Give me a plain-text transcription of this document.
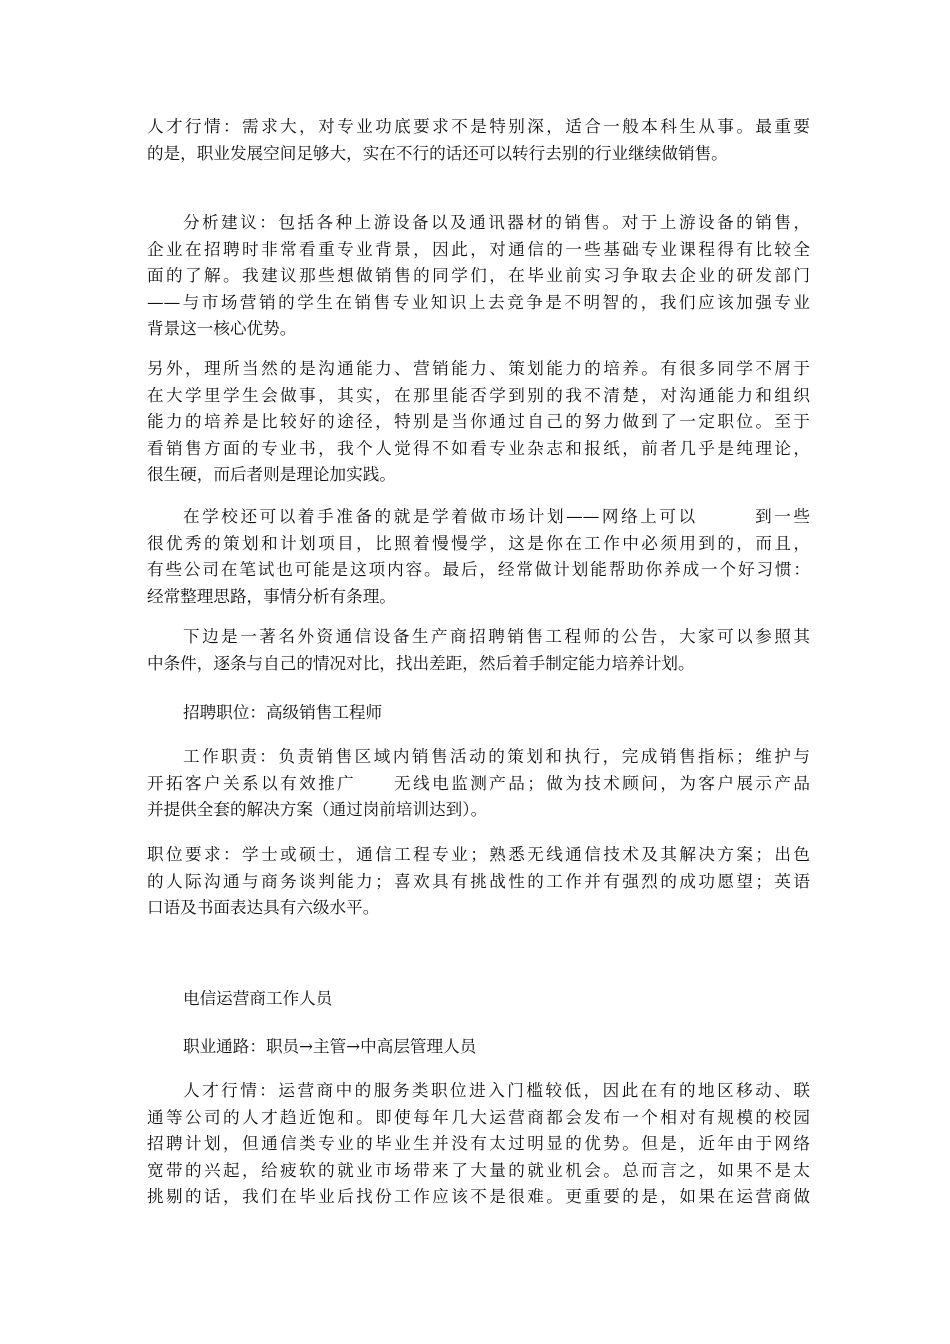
人才行情：需求大，对专业功底要求不是特别深，适合一般本科生从事。最重要
的是，职业发展空间足够大，实在不行的话还可以转行去别的行业继续做销售。

分析建议：包括各种上游设备以及通讯器材的销售。对于上游设备的销售，
企业在招聘时非常看重专业背景，因此，对通信的一些基础专业课程得有比较全
面的了解。我建议那些想做销售的同学们，在毕业前实习争取去企业的研发部门
——与市场营销的学生在销售专业知识上去竞争是不明智的，我们应该加强专业
背景这一核心优势。

另外，理所当然的是沟通能力、营销能力、策划能力的培养。有很多同学不屑于
在大学里学生会做事，其实，在那里能否学到别的我不清楚，对沟通能力和组织
能力的培养是比较好的途径，特别是当你通过自己的努力做到了一定职位。至于
看销售方面的专业书，我个人觉得不如看专业杂志和报纸，前者几乎是纯理论，
很生硬，而后者则是理论加实践。

在学校还可以着手准备的就是学着做市场计划——网络上可以　　　到一些
很优秀的策划和计划项目，比照着慢慢学，这是你在工作中必须用到的，而且，
有些公司在笔试也可能是这项内容。最后，经常做计划能帮助你养成一个好习惯：
经常整理思路，事情分析有条理。

下边是一著名外资通信设备生产商招聘销售工程师的公告，大家可以参照其
中条件，逐条与自己的情况对比，找出差距，然后着手制定能力培养计划。

招聘职位：高级销售工程师

工作职责：负责销售区域内销售活动的策划和执行，完成销售指标；维护与
开拓客户关系以有效推广　　无线电监测产品；做为技术顾问，为客户展示产品
并提供全套的解决方案（通过岗前培训达到）。

职位要求：学士或硕士，通信工程专业；熟悉无线通信技术及其解决方案；出色
的人际沟通与商务谈判能力；喜欢具有挑战性的工作并有强烈的成功愿望；英语
口语及书面表达具有六级水平。

电信运营商工作人员

职业通路：职员→主管→中高层管理人员

人才行情：运营商中的服务类职位进入门槛较低，因此在有的地区移动、联
通等公司的人才趋近饱和。即使每年几大运营商都会发布一个相对有规模的校园
招聘计划，但通信类专业的毕业生并没有太过明显的优势。但是，近年由于网络
宽带的兴起，给疲软的就业市场带来了大量的就业机会。总而言之，如果不是太
挑剔的话，我们在毕业后找份工作应该不是很难。更重要的是，如果在运营商做
